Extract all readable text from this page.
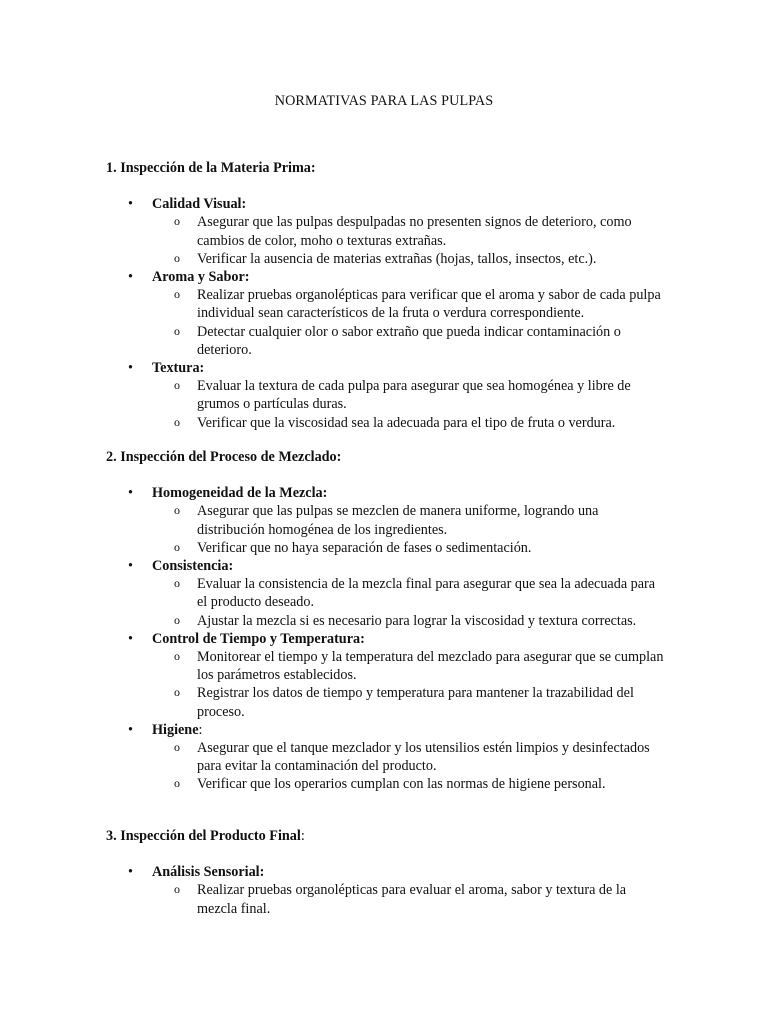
NORMATIVAS PARA LAS PULPAS

1. Inspección de la Materia Prima:

• Calidad Visual:
o Asegurar que las pulpas despulpadas no presenten signos de deterioro, como cambios de color, moho o texturas extrañas.
o Verificar la ausencia de materias extrañas (hojas, tallos, insectos, etc.).
• Aroma y Sabor:
o Realizar pruebas organolépticas para verificar que el aroma y sabor de cada pulpa individual sean característicos de la fruta o verdura correspondiente.
o Detectar cualquier olor o sabor extraño que pueda indicar contaminación o deterioro.
• Textura:
o Evaluar la textura de cada pulpa para asegurar que sea homogénea y libre de grumos o partículas duras.
o Verificar que la viscosidad sea la adecuada para el tipo de fruta o verdura.

2. Inspección del Proceso de Mezclado:

• Homogeneidad de la Mezcla:
o Asegurar que las pulpas se mezclen de manera uniforme, logrando una distribución homogénea de los ingredientes.
o Verificar que no haya separación de fases o sedimentación.
• Consistencia:
o Evaluar la consistencia de la mezcla final para asegurar que sea la adecuada para el producto deseado.
o Ajustar la mezcla si es necesario para lograr la viscosidad y textura correctas.
• Control de Tiempo y Temperatura:
o Monitorear el tiempo y la temperatura del mezclado para asegurar que se cumplan los parámetros establecidos.
o Registrar los datos de tiempo y temperatura para mantener la trazabilidad del proceso.
• Higiene:
o Asegurar que el tanque mezclador y los utensilios estén limpios y desinfectados para evitar la contaminación del producto.
o Verificar que los operarios cumplan con las normas de higiene personal.

3. Inspección del Producto Final:

• Análisis Sensorial:
o Realizar pruebas organolépticas para evaluar el aroma, sabor y textura de la mezcla final.
